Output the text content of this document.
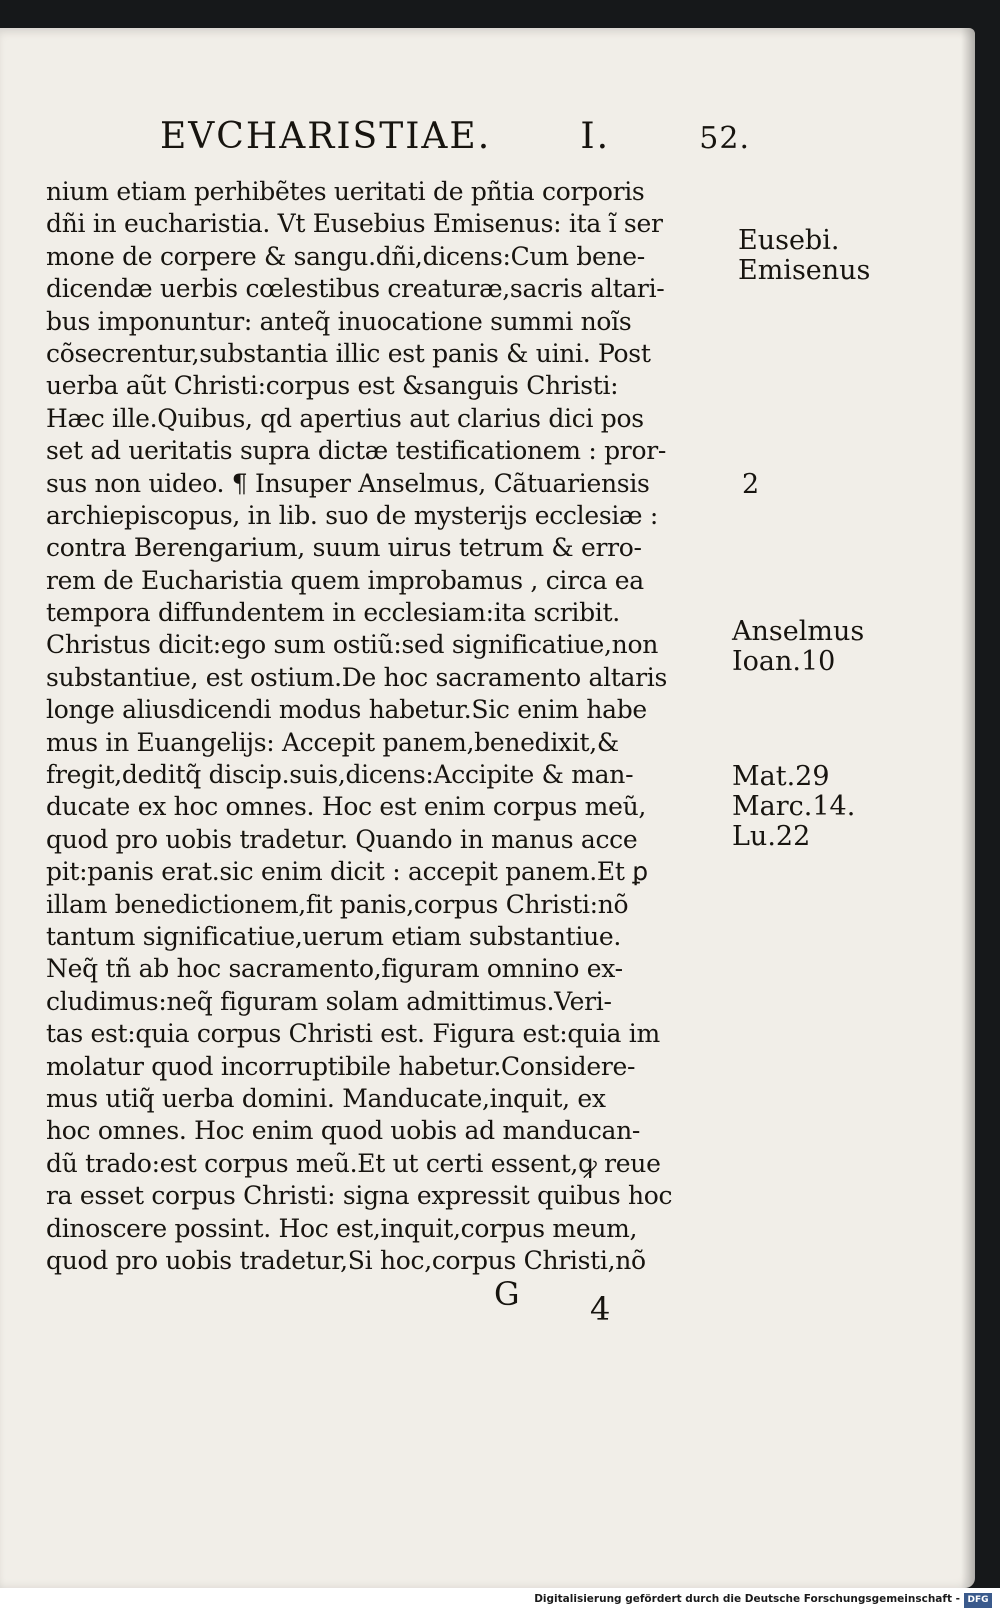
EVCHARISTIAE. I.	52.
nium etiam perhibẽtes ueritati de pñtia corporis
dñi in eucharistia. Vt Eusebius Emisenus: ita ĩ ser
mone de corpere & sangu.dñi,dicens:Cum bene-
dicendæ uerbis cœlestibus creaturæ,sacris altari-
bus imponuntur: anteq̃ inuocatione summi noĩs
cõsecrentur,substantia illic est panis & uini. Post
uerba aũt Christi:corpus est &sanguis Christi:
Hæc ille.Quibus, qd apertius aut clarius dici pos
set ad ueritatis supra dictæ testificationem : pror-
sus non uideo. ¶ Insuper Anselmus, Cãtuariensis
archiepiscopus, in lib. suo de mysterijs ecclesiæ :
contra Berengarium, suum uirus tetrum & erro-
rem de Eucharistia quem improbamus , circa ea
tempora diffundentem in ecclesiam:ita scribit.
Christus dicit:ego sum ostiũ:sed significatiue,non
substantiue, est ostium.De hoc sacramento altaris
longe aliusdicendi modus habetur.Sic enim habe
mus in Euangelijs: Accepit panem,benedixit,&
fregit,deditq̃ discip.suis,dicens:Accipite & man-
ducate ex hoc omnes. Hoc est enim corpus meũ,
quod pro uobis tradetur. Quando in manus acce
pit:panis erat.sic enim dicit : accepit panem.Et ꝑ
illam benedictionem,fit panis,corpus Christi:nõ
tantum significatiue,uerum etiam substantiue.
Neq̃ tñ ab hoc sacramento,figuram omnino ex-
cludimus:neq̃ figuram solam admittimus.Veri-
tas est:quia corpus Christi est. Figura est:quia im
molatur quod incorruptibile habetur.Considere-
mus utiq̃ uerba domini. Manducate,inquit, ex
hoc omnes. Hoc enim quod uobis ad manducan-
dũ trado:est corpus meũ.Et ut certi essent,ꝙ reue
ra esset corpus Christi: signa expressit quibus hoc
dinoscere possint. Hoc est,inquit,corpus meum,
quod pro uobis tradetur,Si hoc,corpus Christi,nõ
Eusebi.
Emisenus
2
Anselmus
Ioan.10
Mat.29
Marc.14.
Lu.22
G 4
Digitalisierung gefördert durch die Deutsche Forschungsgemeinschaft - DFG
